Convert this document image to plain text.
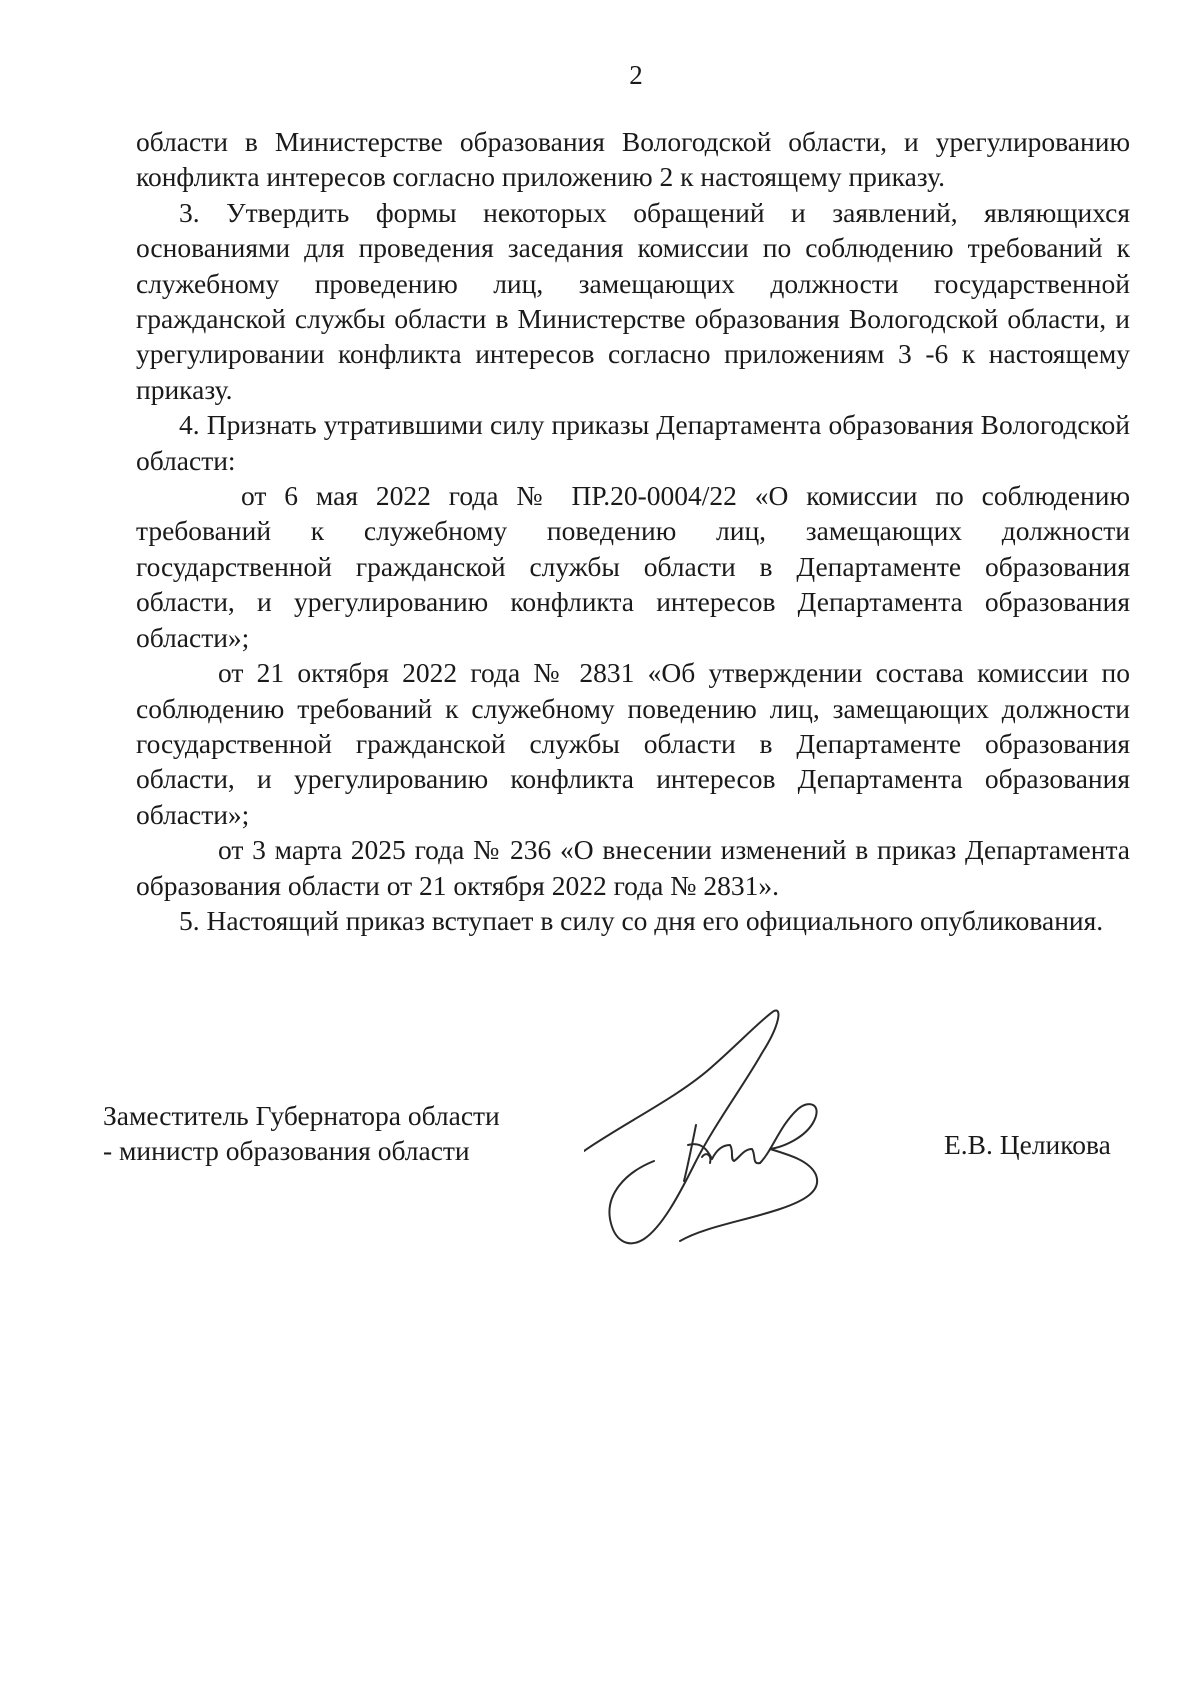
2

области в Министерстве образования Вологодской области, и урегулированию конфликта интересов согласно приложению 2 к настоящему приказу.

3. Утвердить формы некоторых обращений и заявлений, являющихся основаниями для проведения заседания комиссии по соблюдению требований к служебному проведению лиц, замещающих должности государственной гражданской службы области в Министерстве образования Вологодской области, и урегулировании конфликта интересов согласно приложениям 3 -6 к настоящему приказу.

4. Признать утратившими силу приказы Департамента образования Вологодской области:

от 6 мая 2022 года № ПР.20-0004/22 «О комиссии по соблюдению требований к служебному поведению лиц, замещающих должности государственной гражданской службы области в Департаменте образования области, и урегулированию конфликта интересов Департамента образования области»;

от 21 октября 2022 года № 2831 «Об утверждении состава комиссии по соблюдению требований к служебному поведению лиц, замещающих должности государственной гражданской службы области в Департаменте образования области, и урегулированию конфликта интересов Департамента образования области»;

от 3 марта 2025 года № 236 «О внесении изменений в приказ Департамента образования области от 21 октября 2022 года № 2831».

5. Настоящий приказ вступает в силу со дня его официального опубликования.

Заместитель Губернатора области
- министр образования области	Е.В. Целикова
